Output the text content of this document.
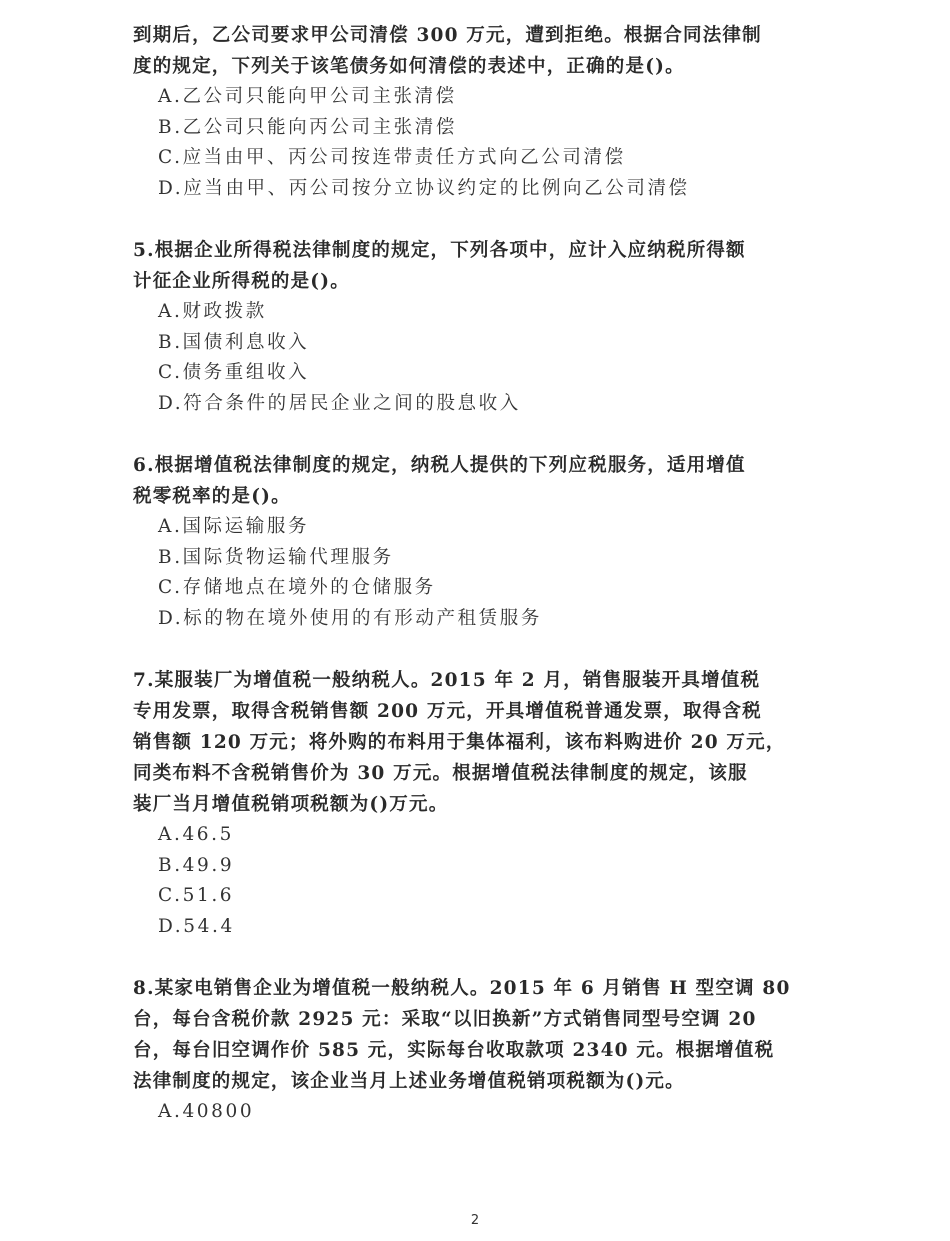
到期后，乙公司要求甲公司清偿 300 万元，遭到拒绝。根据合同法律制
度的规定，下列关于该笔债务如何清偿的表述中，正确的是()。

A.乙公司只能向甲公司主张清偿

B.乙公司只能向丙公司主张清偿

C.应当由甲、丙公司按连带责任方式向乙公司清偿

D.应当由甲、丙公司按分立协议约定的比例向乙公司清偿

5.根据企业所得税法律制度的规定，下列各项中，应计入应纳税所得额
计征企业所得税的是()。

A.财政拨款

B.国债利息收入

C.债务重组收入

D.符合条件的居民企业之间的股息收入

6.根据增值税法律制度的规定，纳税人提供的下列应税服务，适用增值
税零税率的是()。

A.国际运输服务

B.国际货物运输代理服务

C.存储地点在境外的仓储服务

D.标的物在境外使用的有形动产租赁服务

7.某服装厂为增值税一般纳税人。2015 年 2 月，销售服装开具增值税
专用发票，取得含税销售额 200 万元，开具增值税普通发票，取得含税
销售额 120 万元；将外购的布料用于集体福利，该布料购进价 20 万元，
同类布料不含税销售价为 30 万元。根据增值税法律制度的规定，该服
装厂当月增值税销项税额为()万元。

A.46.5

B.49.9

C.51.6

D.54.4

8.某家电销售企业为增值税一般纳税人。2015 年 6 月销售 H 型空调 80
台，每台含税价款 2925 元：采取“以旧换新”方式销售同型号空调 20
台，每台旧空调作价 585 元，实际每台收取款项 2340 元。根据增值税
法律制度的规定，该企业当月上述业务增值税销项税额为()元。

A.40800

2
